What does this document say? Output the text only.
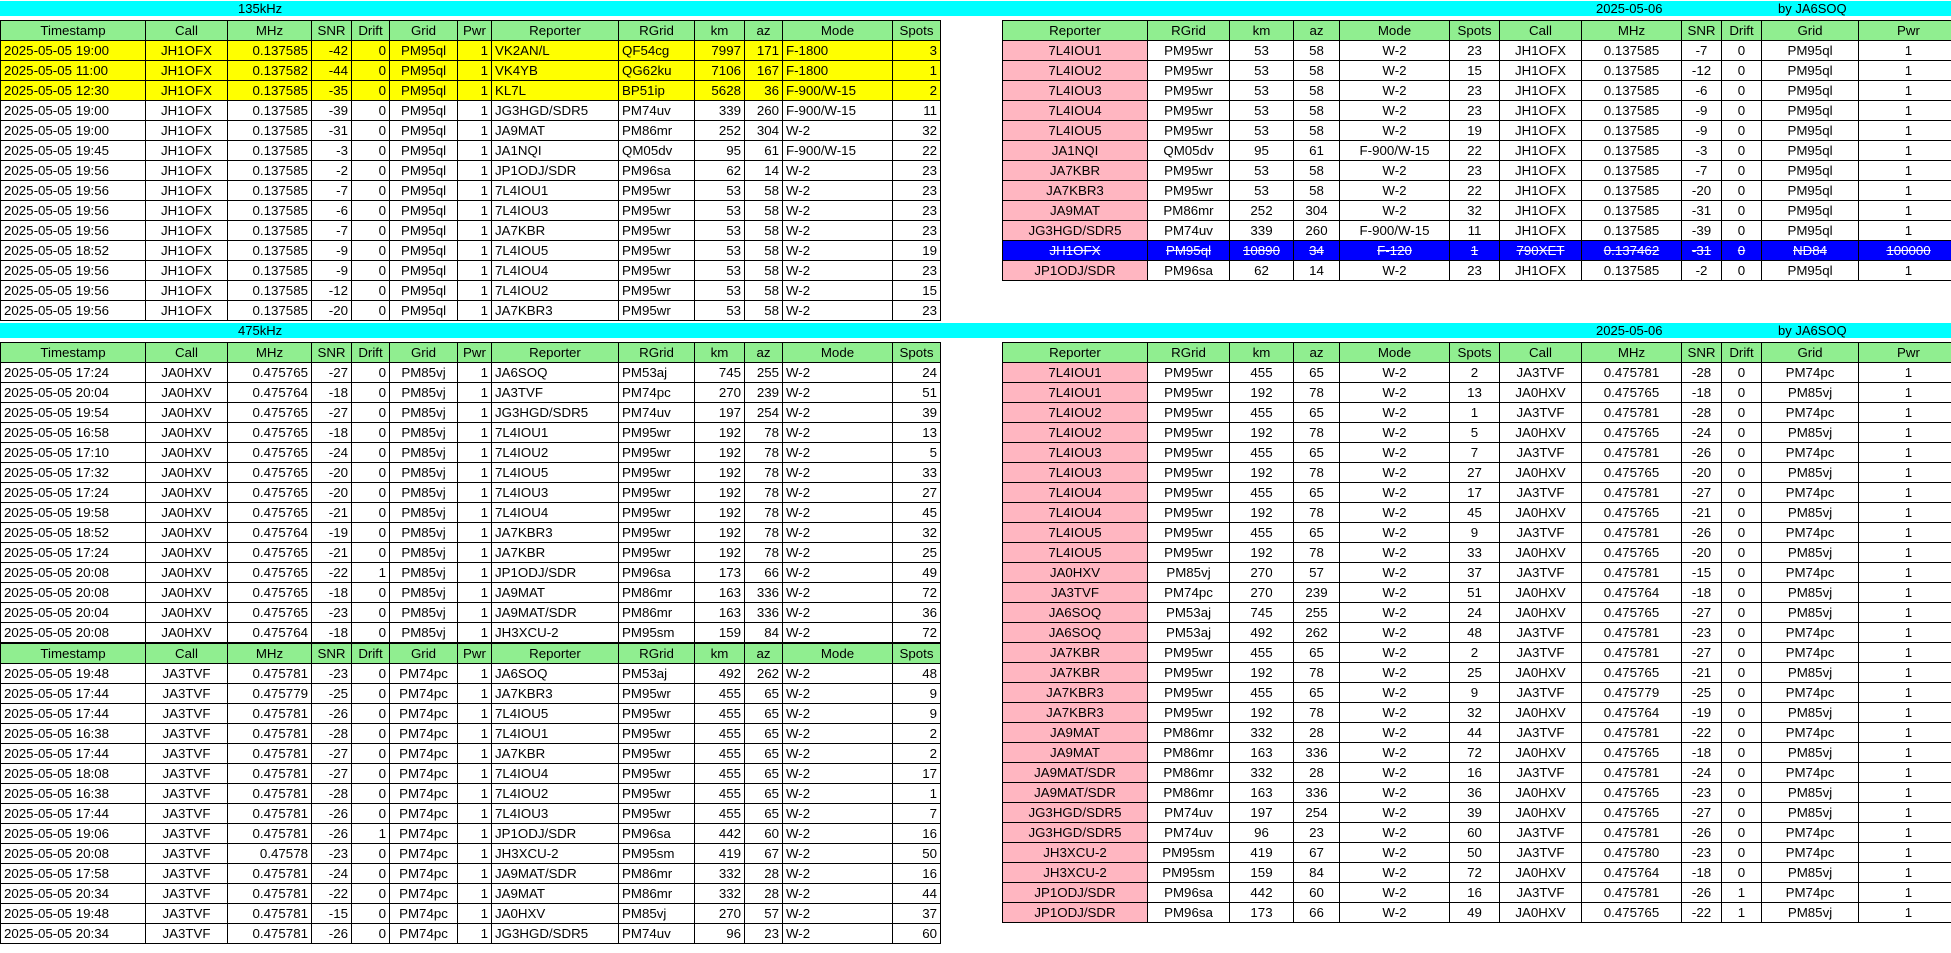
135kHz	2025-05-06	by JA6SOQ
475kHz	2025-05-06	by JA6SOQ
Timestamp	Call	MHz	SNR	Drift	Grid	Pwr	Reporter	RGrid	km	az	Mode	Spots
2025-05-05 19:00	JH1OFX	0.137585	-42	0	PM95ql	1	VK2AN/L	QF54cg	7997	171	F-1800	3
2025-05-05 11:00	JH1OFX	0.137582	-44	0	PM95ql	1	VK4YB	QG62ku	7106	167	F-1800	1
2025-05-05 12:30	JH1OFX	0.137585	-35	0	PM95ql	1	KL7L	BP51ip	5628	36	F-900/W-15	2
2025-05-05 19:00	JH1OFX	0.137585	-39	0	PM95ql	1	JG3HGD/SDR5	PM74uv	339	260	F-900/W-15	11
2025-05-05 19:00	JH1OFX	0.137585	-31	0	PM95ql	1	JA9MAT	PM86mr	252	304	W-2	32
2025-05-05 19:45	JH1OFX	0.137585	-3	0	PM95ql	1	JA1NQI	QM05dv	95	61	F-900/W-15	22
2025-05-05 19:56	JH1OFX	0.137585	-2	0	PM95ql	1	JP1ODJ/SDR	PM96sa	62	14	W-2	23
2025-05-05 19:56	JH1OFX	0.137585	-7	0	PM95ql	1	7L4IOU1	PM95wr	53	58	W-2	23
2025-05-05 19:56	JH1OFX	0.137585	-6	0	PM95ql	1	7L4IOU3	PM95wr	53	58	W-2	23
2025-05-05 19:56	JH1OFX	0.137585	-7	0	PM95ql	1	JA7KBR	PM95wr	53	58	W-2	23
2025-05-05 18:52	JH1OFX	0.137585	-9	0	PM95ql	1	7L4IOU5	PM95wr	53	58	W-2	19
2025-05-05 19:56	JH1OFX	0.137585	-9	0	PM95ql	1	7L4IOU4	PM95wr	53	58	W-2	23
2025-05-05 19:56	JH1OFX	0.137585	-12	0	PM95ql	1	7L4IOU2	PM95wr	53	58	W-2	15
2025-05-05 19:56	JH1OFX	0.137585	-20	0	PM95ql	1	JA7KBR3	PM95wr	53	58	W-2	23
Reporter	RGrid	km	az	Mode	Spots	Call	MHz	SNR	Drift	Grid	Pwr
7L4IOU1	PM95wr	53	58	W-2	23	JH1OFX	0.137585	-7	0	PM95ql	1
7L4IOU2	PM95wr	53	58	W-2	15	JH1OFX	0.137585	-12	0	PM95ql	1
7L4IOU3	PM95wr	53	58	W-2	23	JH1OFX	0.137585	-6	0	PM95ql	1
7L4IOU4	PM95wr	53	58	W-2	23	JH1OFX	0.137585	-9	0	PM95ql	1
7L4IOU5	PM95wr	53	58	W-2	19	JH1OFX	0.137585	-9	0	PM95ql	1
JA1NQI	QM05dv	95	61	F-900/W-15	22	JH1OFX	0.137585	-3	0	PM95ql	1
JA7KBR	PM95wr	53	58	W-2	23	JH1OFX	0.137585	-7	0	PM95ql	1
JA7KBR3	PM95wr	53	58	W-2	22	JH1OFX	0.137585	-20	0	PM95ql	1
JA9MAT	PM86mr	252	304	W-2	32	JH1OFX	0.137585	-31	0	PM95ql	1
JG3HGD/SDR5	PM74uv	339	260	F-900/W-15	11	JH1OFX	0.137585	-39	0	PM95ql	1
JH1OFX	PM95ql	10890	34	F-120	1	790XET	0.137462	-31	0	ND84	100000
JP1ODJ/SDR	PM96sa	62	14	W-2	23	JH1OFX	0.137585	-2	0	PM95ql	1
Timestamp	Call	MHz	SNR	Drift	Grid	Pwr	Reporter	RGrid	km	az	Mode	Spots
2025-05-05 17:24	JA0HXV	0.475765	-27	0	PM85vj	1	JA6SOQ	PM53aj	745	255	W-2	24
2025-05-05 20:04	JA0HXV	0.475764	-18	0	PM85vj	1	JA3TVF	PM74pc	270	239	W-2	51
2025-05-05 19:54	JA0HXV	0.475765	-27	0	PM85vj	1	JG3HGD/SDR5	PM74uv	197	254	W-2	39
2025-05-05 16:58	JA0HXV	0.475765	-18	0	PM85vj	1	7L4IOU1	PM95wr	192	78	W-2	13
2025-05-05 17:10	JA0HXV	0.475765	-24	0	PM85vj	1	7L4IOU2	PM95wr	192	78	W-2	5
2025-05-05 17:32	JA0HXV	0.475765	-20	0	PM85vj	1	7L4IOU5	PM95wr	192	78	W-2	33
2025-05-05 17:24	JA0HXV	0.475765	-20	0	PM85vj	1	7L4IOU3	PM95wr	192	78	W-2	27
2025-05-05 19:58	JA0HXV	0.475765	-21	0	PM85vj	1	7L4IOU4	PM95wr	192	78	W-2	45
2025-05-05 18:52	JA0HXV	0.475764	-19	0	PM85vj	1	JA7KBR3	PM95wr	192	78	W-2	32
2025-05-05 17:24	JA0HXV	0.475765	-21	0	PM85vj	1	JA7KBR	PM95wr	192	78	W-2	25
2025-05-05 20:08	JA0HXV	0.475765	-22	1	PM85vj	1	JP1ODJ/SDR	PM96sa	173	66	W-2	49
2025-05-05 20:08	JA0HXV	0.475765	-18	0	PM85vj	1	JA9MAT	PM86mr	163	336	W-2	72
2025-05-05 20:04	JA0HXV	0.475765	-23	0	PM85vj	1	JA9MAT/SDR	PM86mr	163	336	W-2	36
2025-05-05 20:08	JA0HXV	0.475764	-18	0	PM85vj	1	JH3XCU-2	PM95sm	159	84	W-2	72
Timestamp	Call	MHz	SNR	Drift	Grid	Pwr	Reporter	RGrid	km	az	Mode	Spots
2025-05-05 19:48	JA3TVF	0.475781	-23	0	PM74pc	1	JA6SOQ	PM53aj	492	262	W-2	48
2025-05-05 17:44	JA3TVF	0.475779	-25	0	PM74pc	1	JA7KBR3	PM95wr	455	65	W-2	9
2025-05-05 17:44	JA3TVF	0.475781	-26	0	PM74pc	1	7L4IOU5	PM95wr	455	65	W-2	9
2025-05-05 16:38	JA3TVF	0.475781	-28	0	PM74pc	1	7L4IOU1	PM95wr	455	65	W-2	2
2025-05-05 17:44	JA3TVF	0.475781	-27	0	PM74pc	1	JA7KBR	PM95wr	455	65	W-2	2
2025-05-05 18:08	JA3TVF	0.475781	-27	0	PM74pc	1	7L4IOU4	PM95wr	455	65	W-2	17
2025-05-05 16:38	JA3TVF	0.475781	-28	0	PM74pc	1	7L4IOU2	PM95wr	455	65	W-2	1
2025-05-05 17:44	JA3TVF	0.475781	-26	0	PM74pc	1	7L4IOU3	PM95wr	455	65	W-2	7
2025-05-05 19:06	JA3TVF	0.475781	-26	1	PM74pc	1	JP1ODJ/SDR	PM96sa	442	60	W-2	16
2025-05-05 20:08	JA3TVF	0.47578	-23	0	PM74pc	1	JH3XCU-2	PM95sm	419	67	W-2	50
2025-05-05 17:58	JA3TVF	0.475781	-24	0	PM74pc	1	JA9MAT/SDR	PM86mr	332	28	W-2	16
2025-05-05 20:34	JA3TVF	0.475781	-22	0	PM74pc	1	JA9MAT	PM86mr	332	28	W-2	44
2025-05-05 19:48	JA3TVF	0.475781	-15	0	PM74pc	1	JA0HXV	PM85vj	270	57	W-2	37
2025-05-05 20:34	JA3TVF	0.475781	-26	0	PM74pc	1	JG3HGD/SDR5	PM74uv	96	23	W-2	60
Reporter	RGrid	km	az	Mode	Spots	Call	MHz	SNR	Drift	Grid	Pwr
7L4IOU1	PM95wr	455	65	W-2	2	JA3TVF	0.475781	-28	0	PM74pc	1
7L4IOU1	PM95wr	192	78	W-2	13	JA0HXV	0.475765	-18	0	PM85vj	1
7L4IOU2	PM95wr	455	65	W-2	1	JA3TVF	0.475781	-28	0	PM74pc	1
7L4IOU2	PM95wr	192	78	W-2	5	JA0HXV	0.475765	-24	0	PM85vj	1
7L4IOU3	PM95wr	455	65	W-2	7	JA3TVF	0.475781	-26	0	PM74pc	1
7L4IOU3	PM95wr	192	78	W-2	27	JA0HXV	0.475765	-20	0	PM85vj	1
7L4IOU4	PM95wr	455	65	W-2	17	JA3TVF	0.475781	-27	0	PM74pc	1
7L4IOU4	PM95wr	192	78	W-2	45	JA0HXV	0.475765	-21	0	PM85vj	1
7L4IOU5	PM95wr	455	65	W-2	9	JA3TVF	0.475781	-26	0	PM74pc	1
7L4IOU5	PM95wr	192	78	W-2	33	JA0HXV	0.475765	-20	0	PM85vj	1
JA0HXV	PM85vj	270	57	W-2	37	JA3TVF	0.475781	-15	0	PM74pc	1
JA3TVF	PM74pc	270	239	W-2	51	JA0HXV	0.475764	-18	0	PM85vj	1
JA6SOQ	PM53aj	745	255	W-2	24	JA0HXV	0.475765	-27	0	PM85vj	1
JA6SOQ	PM53aj	492	262	W-2	48	JA3TVF	0.475781	-23	0	PM74pc	1
JA7KBR	PM95wr	455	65	W-2	2	JA3TVF	0.475781	-27	0	PM74pc	1
JA7KBR	PM95wr	192	78	W-2	25	JA0HXV	0.475765	-21	0	PM85vj	1
JA7KBR3	PM95wr	455	65	W-2	9	JA3TVF	0.475779	-25	0	PM74pc	1
JA7KBR3	PM95wr	192	78	W-2	32	JA0HXV	0.475764	-19	0	PM85vj	1
JA9MAT	PM86mr	332	28	W-2	44	JA3TVF	0.475781	-22	0	PM74pc	1
JA9MAT	PM86mr	163	336	W-2	72	JA0HXV	0.475765	-18	0	PM85vj	1
JA9MAT/SDR	PM86mr	332	28	W-2	16	JA3TVF	0.475781	-24	0	PM74pc	1
JA9MAT/SDR	PM86mr	163	336	W-2	36	JA0HXV	0.475765	-23	0	PM85vj	1
JG3HGD/SDR5	PM74uv	197	254	W-2	39	JA0HXV	0.475765	-27	0	PM85vj	1
JG3HGD/SDR5	PM74uv	96	23	W-2	60	JA3TVF	0.475781	-26	0	PM74pc	1
JH3XCU-2	PM95sm	419	67	W-2	50	JA3TVF	0.475780	-23	0	PM74pc	1
JH3XCU-2	PM95sm	159	84	W-2	72	JA0HXV	0.475764	-18	0	PM85vj	1
JP1ODJ/SDR	PM96sa	442	60	W-2	16	JA3TVF	0.475781	-26	1	PM74pc	1
JP1ODJ/SDR	PM96sa	173	66	W-2	49	JA0HXV	0.475765	-22	1	PM85vj	1
